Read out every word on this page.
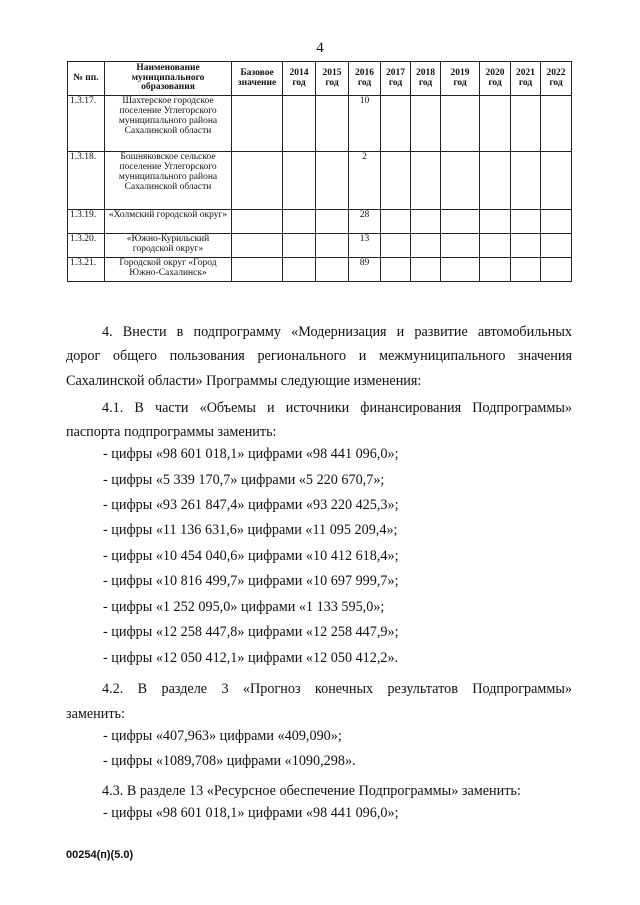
4
№ пп.	Наименование муниципального образования	Базовое значение	2014 год	2015 год	2016 год	2017 год	2018 год	2019 год	2020 год	2021 год	2022 год
1.3.17.	Шахтерское городское поселение Углегорского муниципального района Сахалинской области				10						
1.3.18.	Бошняковское сельское поселение Углегорского муниципального района Сахалинской области				2						
1.3.19.	«Холмский городской округ»				28						
1.3.20.	«Южно-Курильский городской округ»				13						
1.3.21.	Городской округ «Город Южно-Сахалинск»				89						
4. Внести в подпрограмму «Модернизация и развитие автомобильных
дорог общего пользования регионального и межмуниципального значения
Сахалинской области» Программы следующие изменения:
4.1. В части «Объемы и источники финансирования Подпрограммы»
паспорта подпрограммы заменить:
- цифры «98 601 018,1» цифрами «98 441 096,0»;
- цифры «5 339 170,7» цифрами «5 220 670,7»;
- цифры «93 261 847,4» цифрами «93 220 425,3»;
- цифры «11 136 631,6» цифрами «11 095 209,4»;
- цифры «10 454 040,6» цифрами «10 412 618,4»;
- цифры «10 816 499,7» цифрами «10 697 999,7»;
- цифры «1 252 095,0» цифрами «1 133 595,0»;
- цифры «12 258 447,8» цифрами «12 258 447,9»;
- цифры «12 050 412,1» цифрами «12 050 412,2».
4.2. В разделе 3 «Прогноз конечных результатов Подпрограммы»
заменить:
- цифры «407,963» цифрами «409,090»;
- цифры «1089,708» цифрами «1090,298».
4.3. В разделе 13 «Ресурсное обеспечение Подпрограммы» заменить:
- цифры «98 601 018,1» цифрами «98 441 096,0»;
00254(п)(5.0)
